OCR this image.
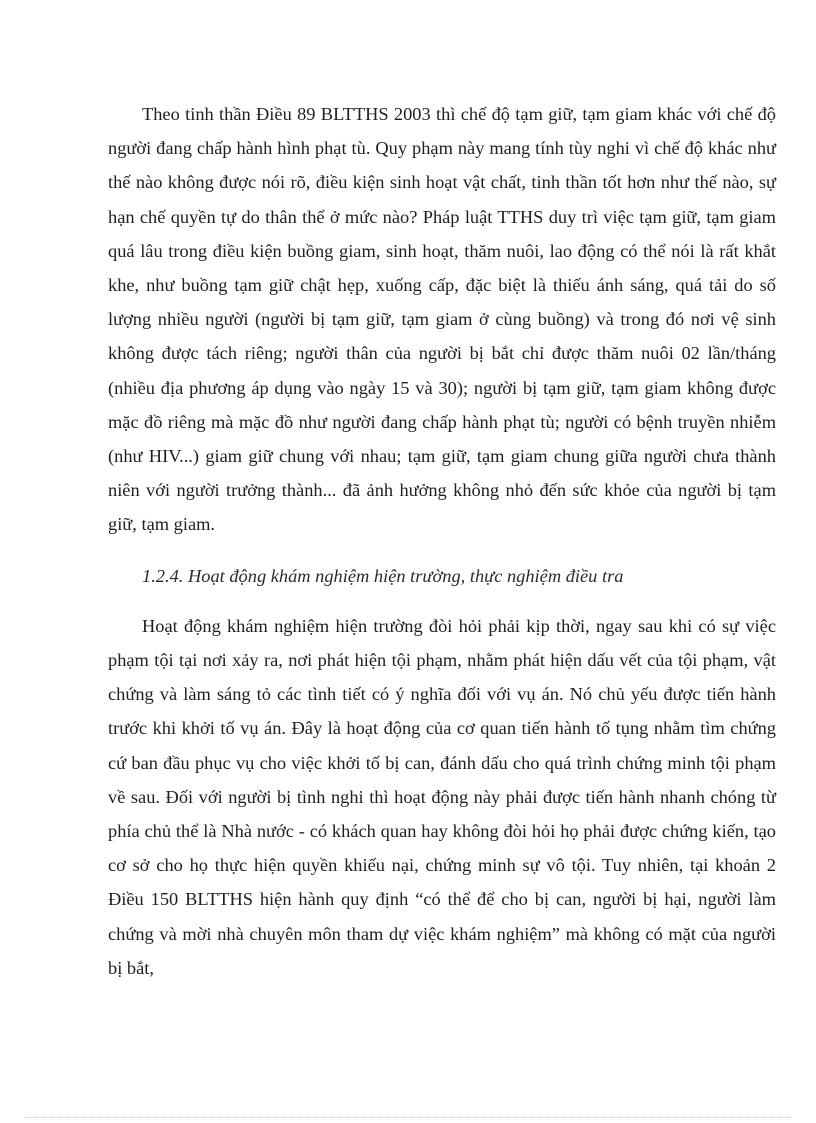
Theo tinh thần Điều 89 BLTTHS 2003 thì chế độ tạm giữ, tạm giam khác với chế độ người đang chấp hành hình phạt tù. Quy phạm này mang tính tùy nghi vì chế độ khác như thế nào không được nói rõ, điều kiện sinh hoạt vật chất, tinh thần tốt hơn như thế nào, sự hạn chế quyền tự do thân thể ở mức nào? Pháp luật TTHS duy trì việc tạm giữ, tạm giam quá lâu trong điều kiện buồng giam, sinh hoạt, thăm nuôi, lao động có thể nói là rất khắt khe, như buồng tạm giữ chật hẹp, xuống cấp, đặc biệt là thiếu ánh sáng, quá tải do số lượng nhiều người (người bị tạm giữ, tạm giam ở cùng buồng) và trong đó nơi vệ sinh không được tách riêng; người thân của người bị bắt chỉ được thăm nuôi 02 lần/tháng (nhiều địa phương áp dụng vào ngày 15 và 30); người bị tạm giữ, tạm giam không được mặc đồ riêng mà mặc đồ như người đang chấp hành phạt tù; người có bệnh truyền nhiễm (như HIV...) giam giữ chung với nhau; tạm giữ, tạm giam chung giữa người chưa thành niên với người trưởng thành... đã ảnh hưởng không nhỏ đến sức khỏe của người bị tạm giữ, tạm giam.

1.2.4. Hoạt động khám nghiệm hiện trường, thực nghiệm điều tra

Hoạt động khám nghiệm hiện trường đòi hỏi phải kịp thời, ngay sau khi có sự việc phạm tội tại nơi xảy ra, nơi phát hiện tội phạm, nhằm phát hiện dấu vết của tội phạm, vật chứng và làm sáng tỏ các tình tiết có ý nghĩa đối với vụ án. Nó chủ yếu được tiến hành trước khi khởi tố vụ án. Đây là hoạt động của cơ quan tiến hành tố tụng nhằm tìm chứng cứ ban đầu phục vụ cho việc khởi tố bị can, đánh dấu cho quá trình chứng minh tội phạm về sau. Đối với người bị tình nghi thì hoạt động này phải được tiến hành nhanh chóng từ phía chủ thể là Nhà nước - có khách quan hay không đòi hỏi họ phải được chứng kiến, tạo cơ sở cho họ thực hiện quyền khiếu nại, chứng minh sự vô tội. Tuy nhiên, tại khoản 2 Điều 150 BLTTHS hiện hành quy định “có thể để cho bị can, người bị hại, người làm chứng và mời nhà chuyên môn tham dự việc khám nghiệm” mà không có mặt của người bị bắt,
